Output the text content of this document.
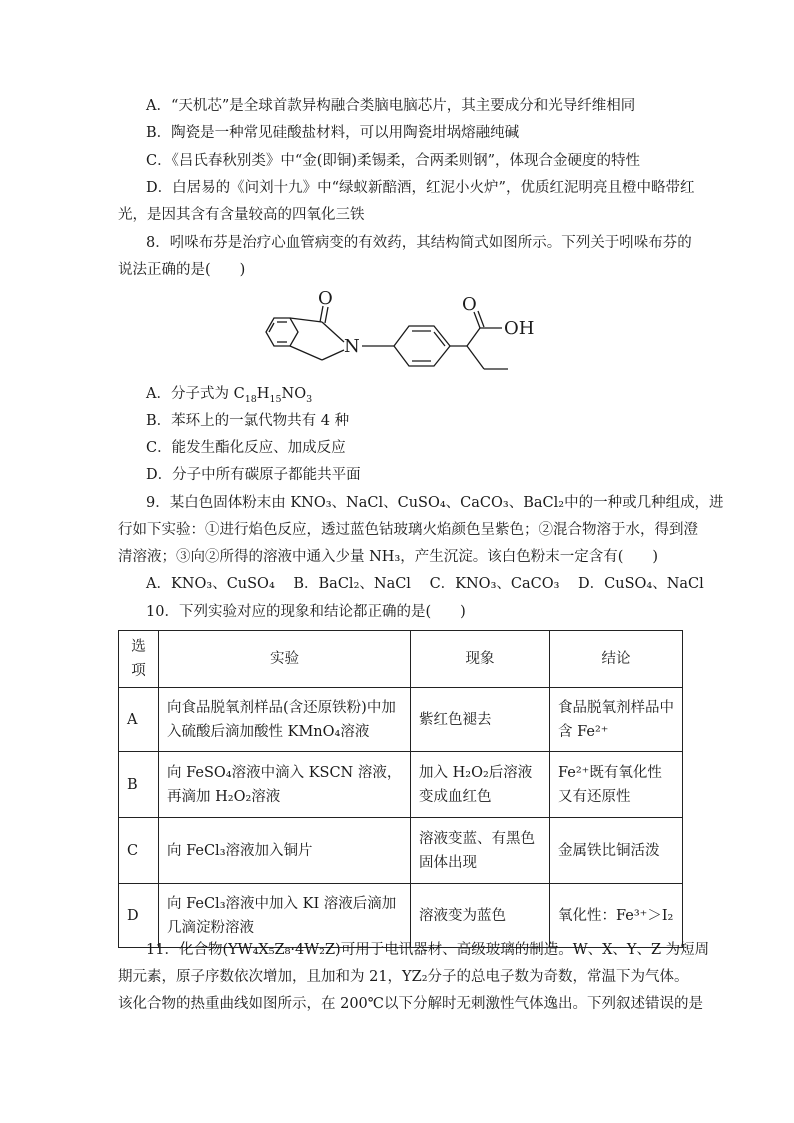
A．“天机芯”是全球首款异构融合类脑电脑芯片，其主要成分和光导纤维相同
B．陶瓷是一种常见硅酸盐材料，可以用陶瓷坩埚熔融纯碱
C．《吕氏春秋别类》中“金(即铜)柔锡柔，合两柔则钢”，体现合金硬度的特性
D．白居易的《问刘十九》中“绿蚁新醅酒，红泥小火炉”，优质红泥明亮且橙中略带红
光，是因其含有含量较高的四氧化三铁
8．吲哚布芬是治疗心血管病变的有效药，其结构简式如图所示。下列关于吲哚布芬的
说法正确的是(　　)
O
N
O
OH
A．分子式为 $C_{18}H_{15}NO_3$
B．苯环上的一氯代物共有 4 种
C．能发生酯化反应、加成反应
D．分子中所有碳原子都能共平面
9．某白色固体粉末由 KNO₃、NaCl、CuSO₄、CaCO₃、BaCl₂中的一种或几种组成，进
行如下实验：①进行焰色反应，透过蓝色钴玻璃火焰颜色呈紫色；②混合物溶于水，得到澄
清溶液；③向②所得的溶液中通入少量 NH₃，产生沉淀。该白色粉末一定含有(　　)
A．KNO₃、CuSO₄ B．BaCl₂、NaCl C．KNO₃、CaCO₃ D．CuSO₄、NaCl
10．下列实验对应的现象和结论都正确的是(　　)
选项	实验	现象	结论
A	向食品脱氧剂样品(含还原铁粉)中加入硫酸后滴加酸性 KMnO₄溶液	紫红色褪去	食品脱氧剂样品中含 Fe²⁺
B	向 FeSO₄溶液中滴入 KSCN 溶液，再滴加 H₂O₂溶液	加入 H₂O₂后溶液变成血红色	Fe²⁺既有氧化性又有还原性
C	向 FeCl₃溶液加入铜片	溶液变蓝、有黑色固体出现	金属铁比铜活泼
D	向 FeCl₃溶液中加入 KI 溶液后滴加几滴淀粉溶液	溶液变为蓝色	氧化性：Fe³⁺＞I₂
11．化合物(YW₄X₅Z₈·4W₂Z)可用于电讯器材、高级玻璃的制造。W、X、Y、Z 为短周
期元素，原子序数依次增加，且加和为 21，YZ₂分子的总电子数为奇数，常温下为气体。
该化合物的热重曲线如图所示，在 200℃以下分解时无刺激性气体逸出。下列叙述错误的是
